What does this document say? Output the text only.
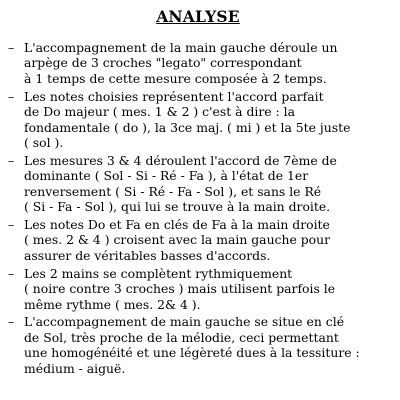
ANALYSE
– L'accompagnement de la main gauche déroule un
arpège de 3 croches "legato" correspondant
à 1 temps de cette mesure composée à 2 temps.
– Les notes choisies représentent l'accord parfait
de Do majeur ( mes. 1 & 2 ) c'est à dire : la
fondamentale ( do ), la 3ce maj. ( mi ) et la 5te juste
( sol ).
– Les mesures 3 & 4 déroulent l'accord de 7ème de
dominante ( Sol - Si - Ré - Fa ), à l'état de 1er
renversement ( Si - Ré - Fa - Sol ), et sans le Ré
( Si - Fa - Sol ), qui lui se trouve à la main droite.
– Les notes Do et Fa en clés de Fa à la main droite
( mes. 2 & 4 ) croisent avec la main gauche pour
assurer de véritables basses d'accords.
– Les 2 mains se complètent rythmiquement
( noire contre 3 croches ) mais utilisent parfois le
même rythme ( mes. 2& 4 ).
– L'accompagnement de main gauche se situe en clé
de Sol, très proche de la mélodie, ceci permettant
une homogénéité et une légèreté dues à la tessiture :
médium - aiguë.
